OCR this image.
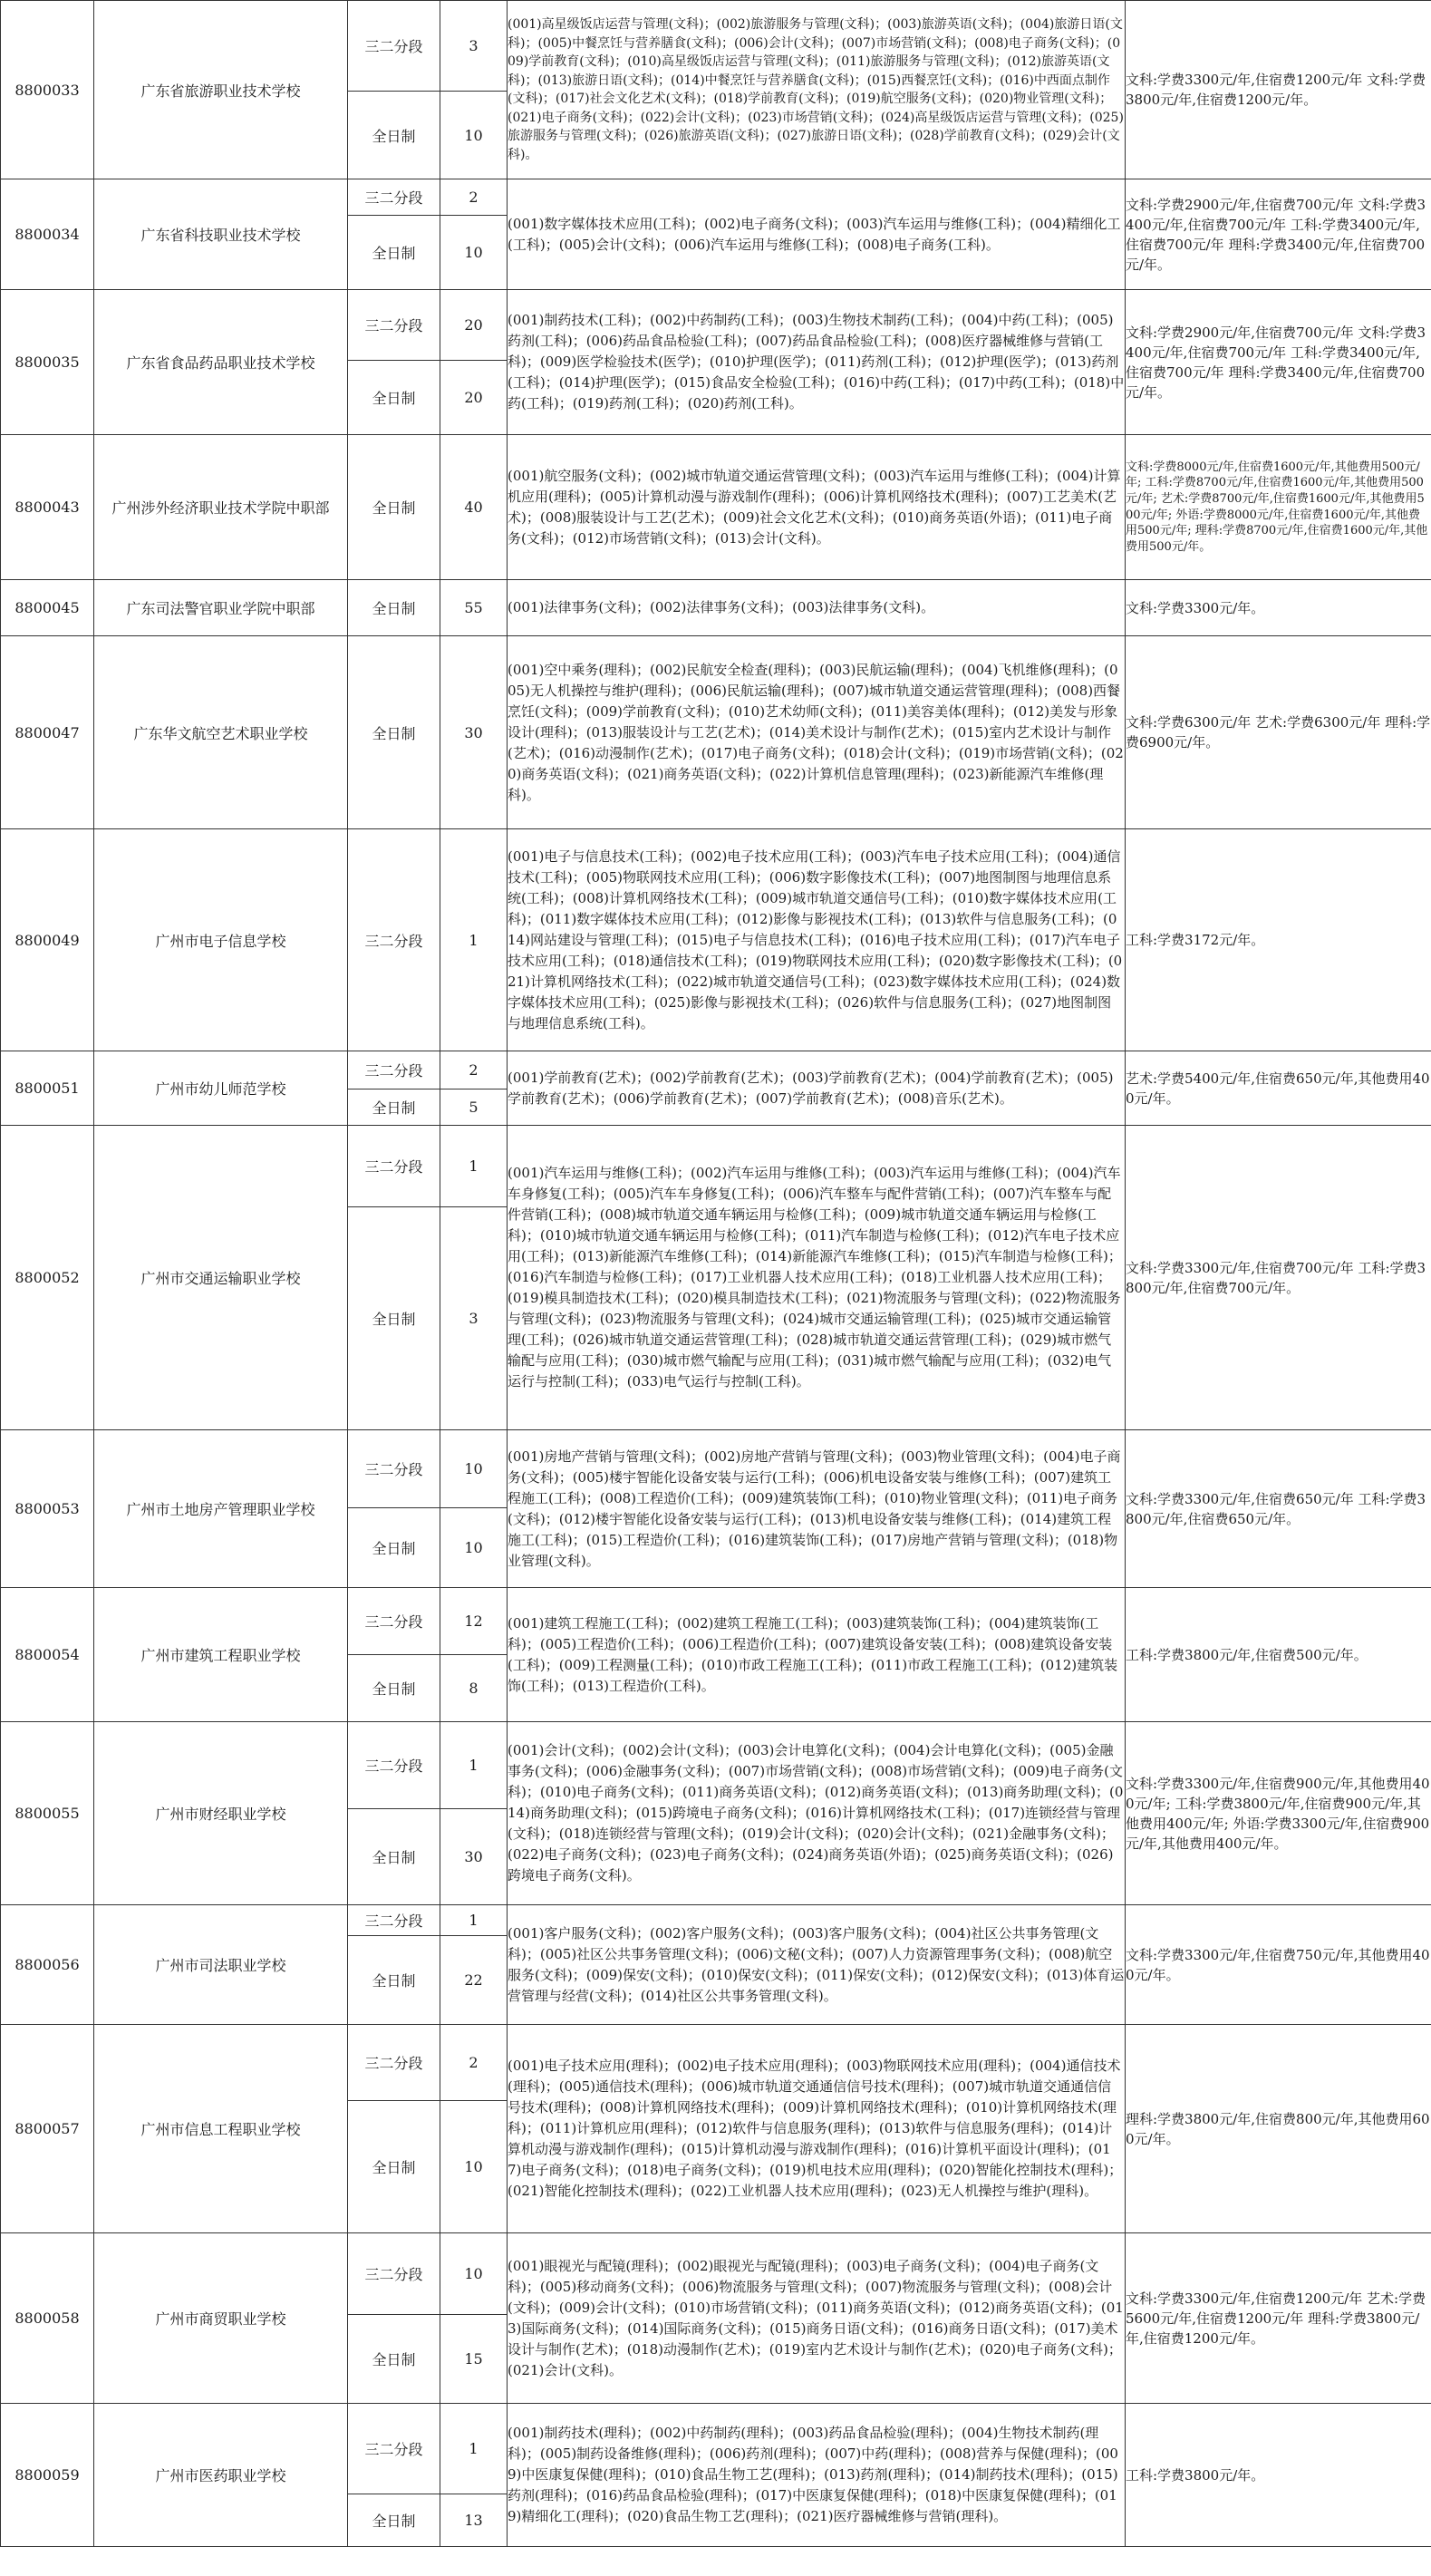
8800033	广东省旅游职业技术学校	三二分段	3	(001)高星级饭店运营与管理(文科)；(002)旅游服务与管理(文科)；(003)旅游英语(文科)；(004)旅游日语(文科)；(005)中餐烹饪与营养膳食(文科)；(006)会计(文科)；(007)市场营销(文科)；(008)电子商务(文科)；(009)学前教育(文科)；(010)高星级饭店运营与管理(文科)；(011)旅游服务与管理(文科)；(012)旅游英语(文科)；(013)旅游日语(文科)；(014)中餐烹饪与营养膳食(文科)；(015)西餐烹饪(文科)；(016)中西面点制作(文科)；(017)社会文化艺术(文科)；(018)学前教育(文科)；(019)航空服务(文科)；(020)物业管理(文科)；(021)电子商务(文科)；(022)会计(文科)；(023)市场营销(文科)；(024)高星级饭店运营与管理(文科)；(025)旅游服务与管理(文科)；(026)旅游英语(文科)；(027)旅游日语(文科)；(028)学前教育(文科)；(029)会计(文科)。	文科:学费3300元/年,住宿费1200元/年 文科:学费3800元/年,住宿费1200元/年。
		全日制	10		
8800034	广东省科技职业技术学校	三二分段	2	(001)数字媒体技术应用(工科)；(002)电子商务(文科)；(003)汽车运用与维修(工科)；(004)精细化工(工科)；(005)会计(文科)；(006)汽车运用与维修(工科)；(008)电子商务(工科)。	文科:学费2900元/年,住宿费700元/年 文科:学费3400元/年,住宿费700元/年 工科:学费3400元/年,住宿费700元/年 理科:学费3400元/年,住宿费700元/年。
		全日制	10		
8800035	广东省食品药品职业技术学校	三二分段	20	(001)制药技术(工科)；(002)中药制药(工科)；(003)生物技术制药(工科)；(004)中药(工科)；(005)药剂(工科)；(006)药品食品检验(工科)；(007)药品食品检验(工科)；(008)医疗器械维修与营销(工科)；(009)医学检验技术(医学)；(010)护理(医学)；(011)药剂(工科)；(012)护理(医学)；(013)药剂(工科)；(014)护理(医学)；(015)食品安全检验(工科)；(016)中药(工科)；(017)中药(工科)；(018)中药(工科)；(019)药剂(工科)；(020)药剂(工科)。	文科:学费2900元/年,住宿费700元/年 文科:学费3400元/年,住宿费700元/年 工科:学费3400元/年,住宿费700元/年 理科:学费3400元/年,住宿费700元/年。
		全日制	20		
8800043	广州涉外经济职业技术学院中职部	全日制	40	(001)航空服务(文科)；(002)城市轨道交通运营管理(文科)；(003)汽车运用与维修(工科)；(004)计算机应用(理科)；(005)计算机动漫与游戏制作(理科)；(006)计算机网络技术(理科)；(007)工艺美术(艺术)；(008)服装设计与工艺(艺术)；(009)社会文化艺术(文科)；(010)商务英语(外语)；(011)电子商务(文科)；(012)市场营销(文科)；(013)会计(文科)。	文科:学费8000元/年,住宿费1600元/年,其他费用500元/年; 工科:学费8700元/年,住宿费1600元/年,其他费用500元/年; 艺术:学费8700元/年,住宿费1600元/年,其他费用500元/年; 外语:学费8000元/年,住宿费1600元/年,其他费用500元/年; 理科:学费8700元/年,住宿费1600元/年,其他费用500元/年。
8800045	广东司法警官职业学院中职部	全日制	55	(001)法律事务(文科)；(002)法律事务(文科)；(003)法律事务(文科)。	文科:学费3300元/年。
8800047	广东华文航空艺术职业学校	全日制	30	(001)空中乘务(理科)；(002)民航安全检查(理科)；(003)民航运输(理科)；(004)飞机维修(理科)；(005)无人机操控与维护(理科)；(006)民航运输(理科)；(007)城市轨道交通运营管理(理科)；(008)西餐烹饪(文科)；(009)学前教育(文科)；(010)艺术幼师(文科)；(011)美容美体(理科)；(012)美发与形象设计(理科)；(013)服装设计与工艺(艺术)；(014)美术设计与制作(艺术)；(015)室内艺术设计与制作(艺术)；(016)动漫制作(艺术)；(017)电子商务(文科)；(018)会计(文科)；(019)市场营销(文科)；(020)商务英语(文科)；(021)商务英语(文科)；(022)计算机信息管理(理科)；(023)新能源汽车维修(理科)。	文科:学费6300元/年 艺术:学费6300元/年 理科:学费6900元/年。
8800049	广州市电子信息学校	三二分段	1	(001)电子与信息技术(工科)；(002)电子技术应用(工科)；(003)汽车电子技术应用(工科)；(004)通信技术(工科)；(005)物联网技术应用(工科)；(006)数字影像技术(工科)；(007)地图制图与地理信息系统(工科)；(008)计算机网络技术(工科)；(009)城市轨道交通信号(工科)；(010)数字媒体技术应用(工科)；(011)数字媒体技术应用(工科)；(012)影像与影视技术(工科)；(013)软件与信息服务(工科)；(014)网站建设与管理(工科)；(015)电子与信息技术(工科)；(016)电子技术应用(工科)；(017)汽车电子技术应用(工科)；(018)通信技术(工科)；(019)物联网技术应用(工科)；(020)数字影像技术(工科)；(021)计算机网络技术(工科)；(022)城市轨道交通信号(工科)；(023)数字媒体技术应用(工科)；(024)数字媒体技术应用(工科)；(025)影像与影视技术(工科)；(026)软件与信息服务(工科)；(027)地图制图与地理信息系统(工科)。	工科:学费3172元/年。
8800051	广州市幼儿师范学校	三二分段	2	(001)学前教育(艺术)；(002)学前教育(艺术)；(003)学前教育(艺术)；(004)学前教育(艺术)；(005)学前教育(艺术)；(006)学前教育(艺术)；(007)学前教育(艺术)；(008)音乐(艺术)。	艺术:学费5400元/年,住宿费650元/年,其他费用400元/年。
		全日制	5		
8800052	广州市交通运输职业学校	三二分段	1	(001)汽车运用与维修(工科)；(002)汽车运用与维修(工科)；(003)汽车运用与维修(工科)；(004)汽车车身修复(工科)；(005)汽车车身修复(工科)；(006)汽车整车与配件营销(工科)；(007)汽车整车与配件营销(工科)；(008)城市轨道交通车辆运用与检修(工科)；(009)城市轨道交通车辆运用与检修(工科)；(010)城市轨道交通车辆运用与检修(工科)；(011)汽车制造与检修(工科)；(012)汽车电子技术应用(工科)；(013)新能源汽车维修(工科)；(014)新能源汽车维修(工科)；(015)汽车制造与检修(工科)；(016)汽车制造与检修(工科)；(017)工业机器人技术应用(工科)；(018)工业机器人技术应用(工科)；(019)模具制造技术(工科)；(020)模具制造技术(工科)；(021)物流服务与管理(文科)；(022)物流服务与管理(文科)；(023)物流服务与管理(文科)；(024)城市交通运输管理(工科)；(025)城市交通运输管理(工科)；(026)城市轨道交通运营管理(工科)；(028)城市轨道交通运营管理(工科)；(029)城市燃气输配与应用(工科)；(030)城市燃气输配与应用(工科)；(031)城市燃气输配与应用(工科)；(032)电气运行与控制(工科)；(033)电气运行与控制(工科)。	文科:学费3300元/年,住宿费700元/年 工科:学费3800元/年,住宿费700元/年。
		全日制	3		
8800053	广州市土地房产管理职业学校	三二分段	10	(001)房地产营销与管理(文科)；(002)房地产营销与管理(文科)；(003)物业管理(文科)；(004)电子商务(文科)；(005)楼宇智能化设备安装与运行(工科)；(006)机电设备安装与维修(工科)；(007)建筑工程施工(工科)；(008)工程造价(工科)；(009)建筑装饰(工科)；(010)物业管理(文科)；(011)电子商务(文科)；(012)楼宇智能化设备安装与运行(工科)；(013)机电设备安装与维修(工科)；(014)建筑工程施工(工科)；(015)工程造价(工科)；(016)建筑装饰(工科)；(017)房地产营销与管理(文科)；(018)物业管理(文科)。	文科:学费3300元/年,住宿费650元/年 工科:学费3800元/年,住宿费650元/年。
		全日制	10		
8800054	广州市建筑工程职业学校	三二分段	12	(001)建筑工程施工(工科)；(002)建筑工程施工(工科)；(003)建筑装饰(工科)；(004)建筑装饰(工科)；(005)工程造价(工科)；(006)工程造价(工科)；(007)建筑设备安装(工科)；(008)建筑设备安装(工科)；(009)工程测量(工科)；(010)市政工程施工(工科)；(011)市政工程施工(工科)；(012)建筑装饰(工科)；(013)工程造价(工科)。	工科:学费3800元/年,住宿费500元/年。
		全日制	8		
8800055	广州市财经职业学校	三二分段	1	(001)会计(文科)；(002)会计(文科)；(003)会计电算化(文科)；(004)会计电算化(文科)；(005)金融事务(文科)；(006)金融事务(文科)；(007)市场营销(文科)；(008)市场营销(文科)；(009)电子商务(文科)；(010)电子商务(文科)；(011)商务英语(文科)；(012)商务英语(文科)；(013)商务助理(文科)；(014)商务助理(文科)；(015)跨境电子商务(文科)；(016)计算机网络技术(工科)；(017)连锁经营与管理(文科)；(018)连锁经营与管理(文科)；(019)会计(文科)；(020)会计(文科)；(021)金融事务(文科)；(022)电子商务(文科)；(023)电子商务(文科)；(024)商务英语(外语)；(025)商务英语(文科)；(026)跨境电子商务(文科)。	文科:学费3300元/年,住宿费900元/年,其他费用400元/年; 工科:学费3800元/年,住宿费900元/年,其他费用400元/年; 外语:学费3300元/年,住宿费900元/年,其他费用400元/年。
		全日制	30		
8800056	广州市司法职业学校	三二分段	1	(001)客户服务(文科)；(002)客户服务(文科)；(003)客户服务(文科)；(004)社区公共事务管理(文科)；(005)社区公共事务管理(文科)；(006)文秘(文科)；(007)人力资源管理事务(文科)；(008)航空服务(文科)；(009)保安(文科)；(010)保安(文科)；(011)保安(文科)；(012)保安(文科)；(013)体育运营管理与经营(文科)；(014)社区公共事务管理(文科)。	文科:学费3300元/年,住宿费750元/年,其他费用400元/年。
		全日制	22		
8800057	广州市信息工程职业学校	三二分段	2	(001)电子技术应用(理科)；(002)电子技术应用(理科)；(003)物联网技术应用(理科)；(004)通信技术(理科)；(005)通信技术(理科)；(006)城市轨道交通通信信号技术(理科)；(007)城市轨道交通通信信号技术(理科)；(008)计算机网络技术(理科)；(009)计算机网络技术(理科)；(010)计算机网络技术(理科)；(011)计算机应用(理科)；(012)软件与信息服务(理科)；(013)软件与信息服务(理科)；(014)计算机动漫与游戏制作(理科)；(015)计算机动漫与游戏制作(理科)；(016)计算机平面设计(理科)；(017)电子商务(文科)；(018)电子商务(文科)；(019)机电技术应用(理科)；(020)智能化控制技术(理科)；(021)智能化控制技术(理科)；(022)工业机器人技术应用(理科)；(023)无人机操控与维护(理科)。	理科:学费3800元/年,住宿费800元/年,其他费用600元/年。
		全日制	10		
8800058	广州市商贸职业学校	三二分段	10	(001)眼视光与配镜(理科)；(002)眼视光与配镜(理科)；(003)电子商务(文科)；(004)电子商务(文科)；(005)移动商务(文科)；(006)物流服务与管理(文科)；(007)物流服务与管理(文科)；(008)会计(文科)；(009)会计(文科)；(010)市场营销(文科)；(011)商务英语(文科)；(012)商务英语(文科)；(013)国际商务(文科)；(014)国际商务(文科)；(015)商务日语(文科)；(016)商务日语(文科)；(017)美术设计与制作(艺术)；(018)动漫制作(艺术)；(019)室内艺术设计与制作(艺术)；(020)电子商务(文科)；(021)会计(文科)。	文科:学费3300元/年,住宿费1200元/年 艺术:学费5600元/年,住宿费1200元/年 理科:学费3800元/年,住宿费1200元/年。
		全日制	15		
8800059	广州市医药职业学校	三二分段	1	(001)制药技术(理科)；(002)中药制药(理科)；(003)药品食品检验(理科)；(004)生物技术制药(理科)；(005)制药设备维修(理科)；(006)药剂(理科)；(007)中药(理科)；(008)营养与保健(理科)；(009)中医康复保健(理科)；(010)食品生物工艺(理科)；(013)药剂(理科)；(014)制药技术(理科)；(015)药剂(理科)；(016)药品食品检验(理科)；(017)中医康复保健(理科)；(018)中医康复保健(理科)；(019)精细化工(理科)；(020)食品生物工艺(理科)；(021)医疗器械维修与营销(理科)。	工科:学费3800元/年。
		全日制	13		
